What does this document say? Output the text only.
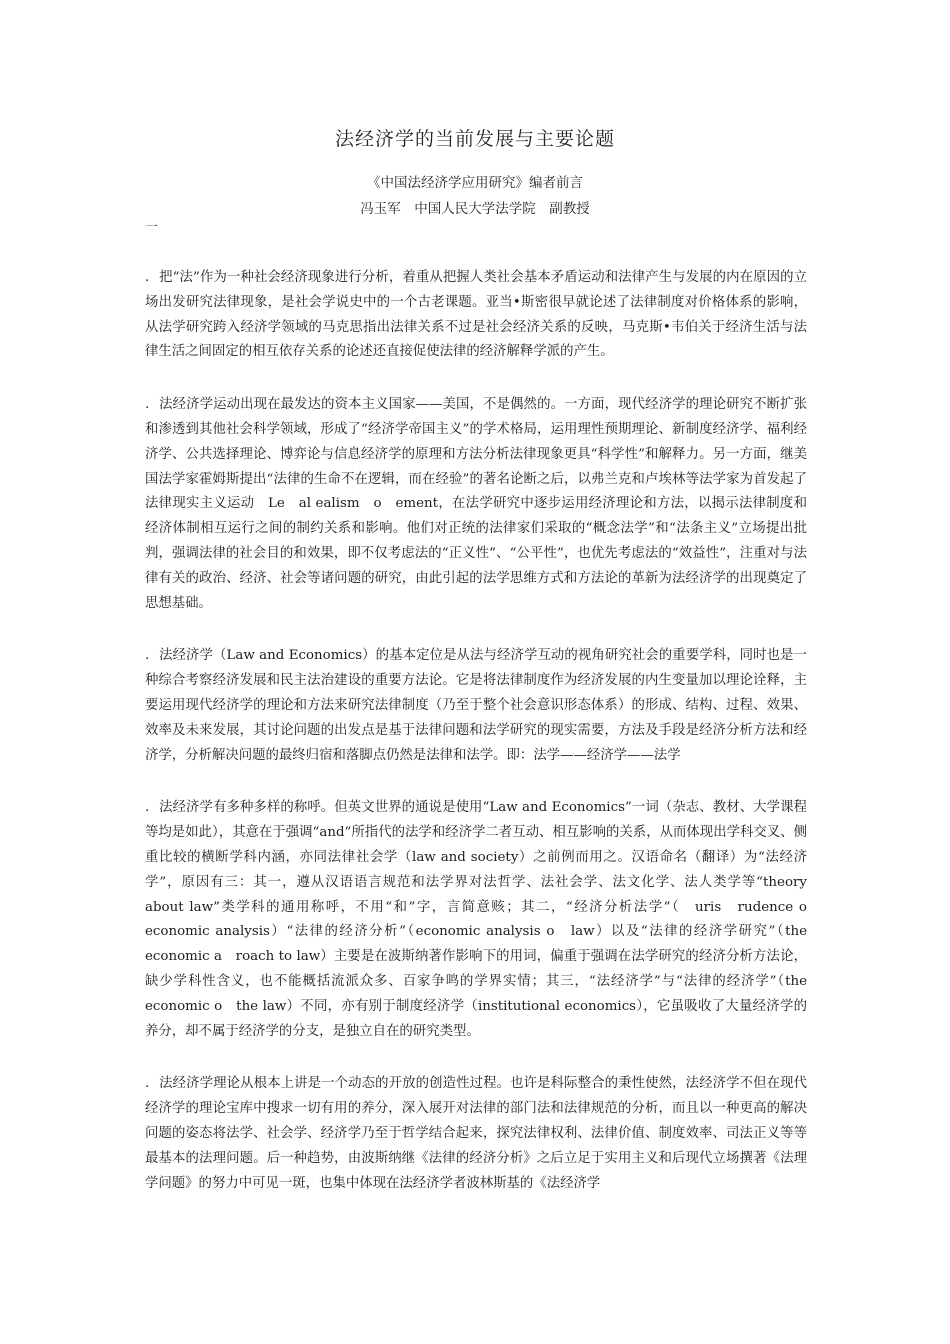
法经济学的当前发展与主要论题
《中国法经济学应用研究》编者前言
冯玉军　中国人民大学法学院　副教授
一

. 把“法”作为一种社会经济现象进行分析，着重从把握人类社会基本矛盾运动和法律产生与发展的内在原因的立场出发研究法律现象，是社会学说史中的一个古老课题。亚当•斯密很早就论述了法律制度对价格体系的影响，从法学研究跨入经济学领域的马克思指出法律关系不过是社会经济关系的反映，马克斯•韦伯关于经济生活与法律生活之间固定的相互依存关系的论述还直接促使法律的经济解释学派的产生。

. 法经济学运动出现在最发达的资本主义国家——美国，不是偶然的。一方面，现代经济学的理论研究不断扩张和渗透到其他社会科学领域，形成了“经济学帝国主义”的学术格局，运用理性预期理论、新制度经济学、福利经济学、公共选择理论、博弈论与信息经济学的原理和方法分析法律现象更具“科学性”和解释力。另一方面，继美国法学家霍姆斯提出“法律的生命不在逻辑，而在经验”的著名论断之后，以弗兰克和卢埃林等法学家为首发起了法律现实主义运动　Le　al ealism　o　ement，在法学研究中逐步运用经济理论和方法，以揭示法律制度和经济体制相互运行之间的制约关系和影响。他们对正统的法律家们采取的“概念法学”和“法条主义”立场提出批判，强调法律的社会目的和效果，即不仅考虑法的“正义性”、“公平性”，也优先考虑法的“效益性”，注重对与法律有关的政治、经济、社会等诸问题的研究，由此引起的法学思维方式和方法论的革新为法经济学的出现奠定了思想基础。

. 法经济学（Law and Economics）的基本定位是从法与经济学互动的视角研究社会的重要学科，同时也是一种综合考察经济发展和民主法治建设的重要方法论。它是将法律制度作为经济发展的内生变量加以理论诠释，主要运用现代经济学的理论和方法来研究法律制度（乃至于整个社会意识形态体系）的形成、结构、过程、效果、效率及未来发展，其讨论问题的出发点是基于法律问题和法学研究的现实需要，方法及手段是经济分析方法和经济学，分析解决问题的最终归宿和落脚点仍然是法律和法学。即：法学——经济学——法学

. 法经济学有多种多样的称呼。但英文世界的通说是使用“Law and Economics”一词（杂志、教材、大学课程等均是如此），其意在于强调“and”所指代的法学和经济学二者互动、相互影响的关系，从而体现出学科交叉、侧重比较的横断学科内涵，亦同法律社会学（law and society）之前例而用之。汉语命名（翻译）为“法经济学”，原因有三：其一，遵从汉语语言规范和法学界对法哲学、法社会学、法文化学、法人类学等“theory about law”类学科的通用称呼，不用“和”字，言简意赅；其二，“经济分析法学”（　uris　rudence o　economic analysis）“法律的经济分析”（economic analysis o　law）以及“法律的经济学研究”（the economic a　roach to law）主要是在波斯纳著作影响下的用词，偏重于强调在法学研究的经济分析方法论，缺少学科性含义，也不能概括流派众多、百家争鸣的学界实情；其三，“法经济学”与“法律的经济学”（the economic o　the law）不同，亦有别于制度经济学（institutional economics），它虽吸收了大量经济学的养分，却不属于经济学的分支，是独立自在的研究类型。

. 法经济学理论从根本上讲是一个动态的开放的创造性过程。也许是科际整合的秉性使然，法经济学不但在现代经济学的理论宝库中搜求一切有用的养分，深入展开对法律的部门法和法律规范的分析，而且以一种更高的解决问题的姿态将法学、社会学、经济学乃至于哲学结合起来，探究法律权利、法律价值、制度效率、司法正义等等最基本的法理问题。后一种趋势，由波斯纳继《法律的经济分析》之后立足于实用主义和后现代立场撰著《法理学问题》的努力中可见一斑，也集中体现在法经济学者波林斯基的《法经济学
